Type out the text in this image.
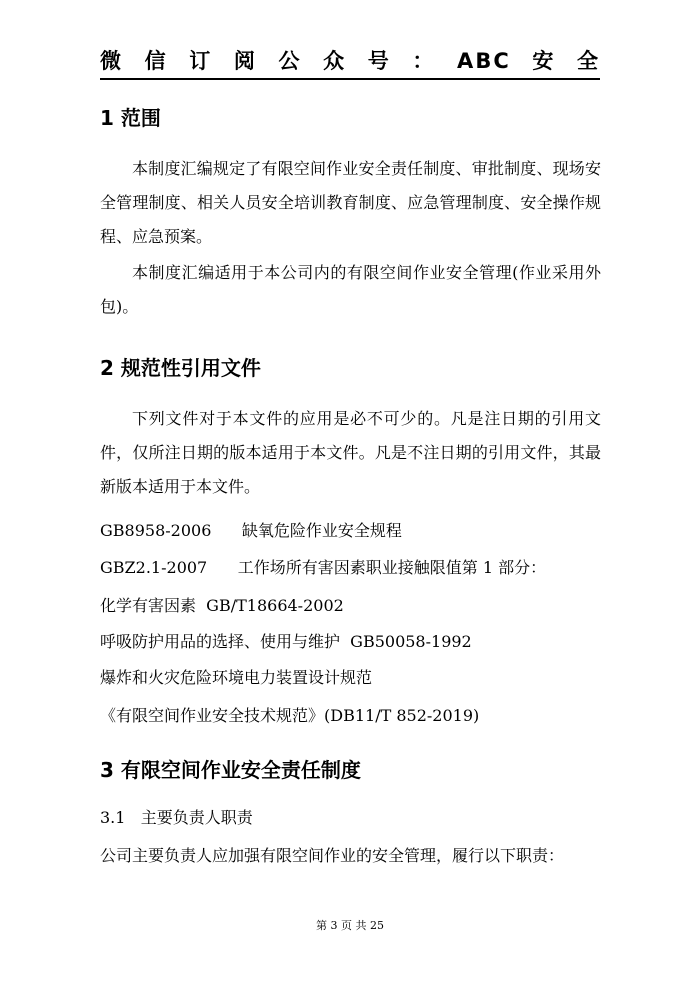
微信订阅公众号：ABC安全
1 范围
本制度汇编规定了有限空间作业安全责任制度、审批制度、现场安全管理制度、相关人员安全培训教育制度、应急管理制度、安全操作规程、应急预案。
本制度汇编适用于本公司内的有限空间作业安全管理(作业采用外包)。
2 规范性引用文件
下列文件对于本文件的应用是必不可少的。凡是注日期的引用文件，仅所注日期的版本适用于本文件。凡是不注日期的引用文件，其最新版本适用于本文件。
GB8958-2006      缺氧危险作业安全规程
GBZ2.1-2007      工作场所有害因素职业接触限值第 1 部分：
化学有害因素  GB/T18664-2002
呼吸防护用品的选择、使用与维护  GB50058-1992
爆炸和火灾危险环境电力装置设计规范
《有限空间作业安全技术规范》(DB11/T 852-2019)
3 有限空间作业安全责任制度
3.1   主要负责人职责
公司主要负责人应加强有限空间作业的安全管理，履行以下职责：
第 3 页 共 25
